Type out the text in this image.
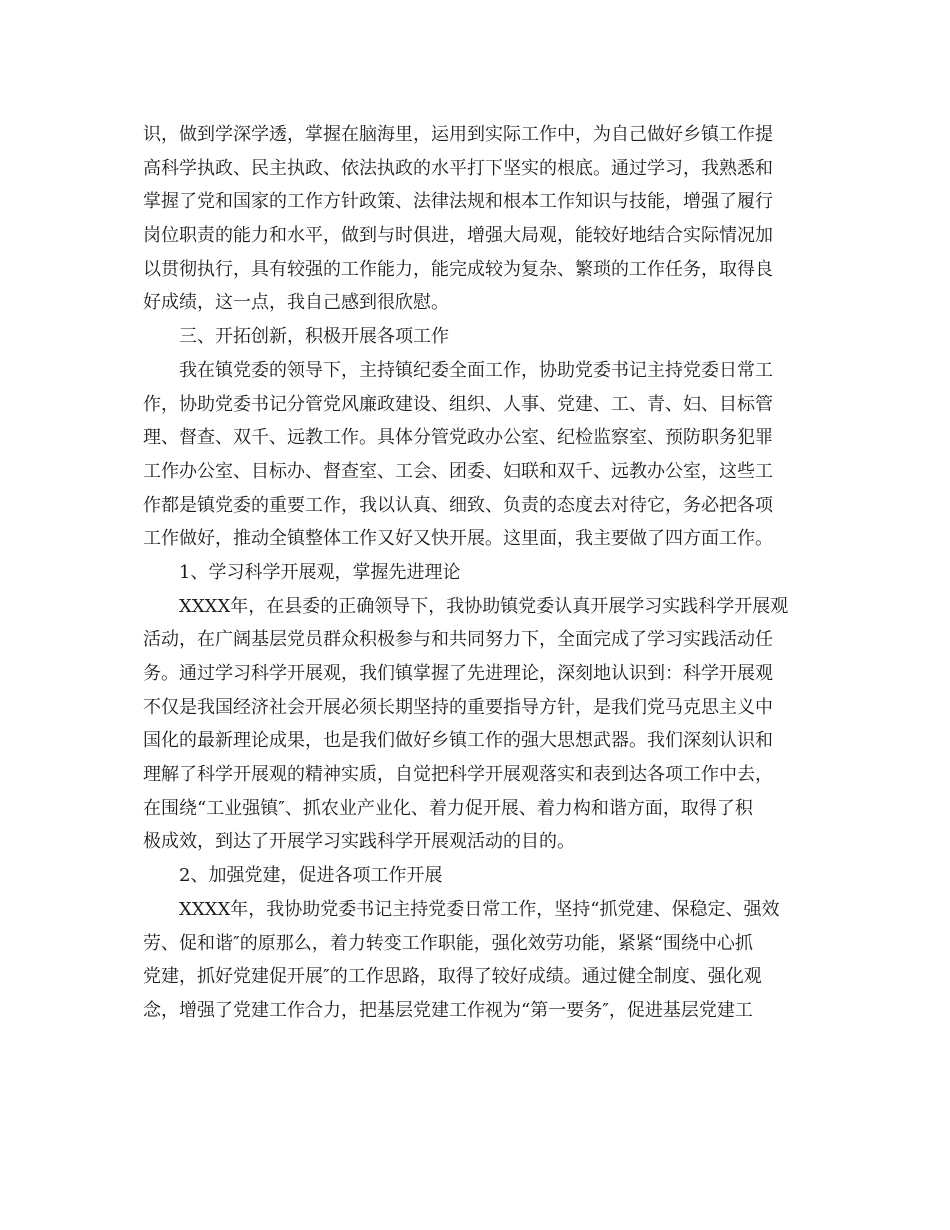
识，做到学深学透，掌握在脑海里，运用到实际工作中，为自己做好乡镇工作提
高科学执政、民主执政、依法执政的水平打下坚实的根底。通过学习，我熟悉和
掌握了党和国家的工作方针政策、法律法规和根本工作知识与技能，增强了履行
岗位职责的能力和水平，做到与时俱进，增强大局观，能较好地结合实际情况加
以贯彻执行，具有较强的工作能力，能完成较为复杂、繁琐的工作任务，取得良
好成绩，这一点，我自己感到很欣慰。
三、开拓创新，积极开展各项工作
我在镇党委的领导下，主持镇纪委全面工作，协助党委书记主持党委日常工
作，协助党委书记分管党风廉政建设、组织、人事、党建、工、青、妇、目标管
理、督查、双千、远教工作。具体分管党政办公室、纪检监察室、预防职务犯罪
工作办公室、目标办、督查室、工会、团委、妇联和双千、远教办公室，这些工
作都是镇党委的重要工作，我以认真、细致、负责的态度去对待它，务必把各项
工作做好，推动全镇整体工作又好又快开展。这里面，我主要做了四方面工作。
1、学习科学开展观，掌握先进理论
XXXX年，在县委的正确领导下，我协助镇党委认真开展学习实践科学开展观
活动，在广阔基层党员群众积极参与和共同努力下，全面完成了学习实践活动任
务。通过学习科学开展观，我们镇掌握了先进理论，深刻地认识到：科学开展观
不仅是我国经济社会开展必须长期坚持的重要指导方针，是我们党马克思主义中
国化的最新理论成果，也是我们做好乡镇工作的强大思想武器。我们深刻认识和
理解了科学开展观的精神实质，自觉把科学开展观落实和表到达各项工作中去，
在围绕“工业强镇″、抓农业产业化、着力促开展、着力构和谐方面，取得了积
极成效，到达了开展学习实践科学开展观活动的目的。
2、加强党建，促进各项工作开展
XXXX年，我协助党委书记主持党委日常工作，坚持“抓党建、保稳定、强效
劳、促和谐″的原那么，着力转变工作职能，强化效劳功能，紧紧“围绕中心抓
党建，抓好党建促开展″的工作思路，取得了较好成绩。通过健全制度、强化观
念，增强了党建工作合力，把基层党建工作视为“第一要务″，促进基层党建工
